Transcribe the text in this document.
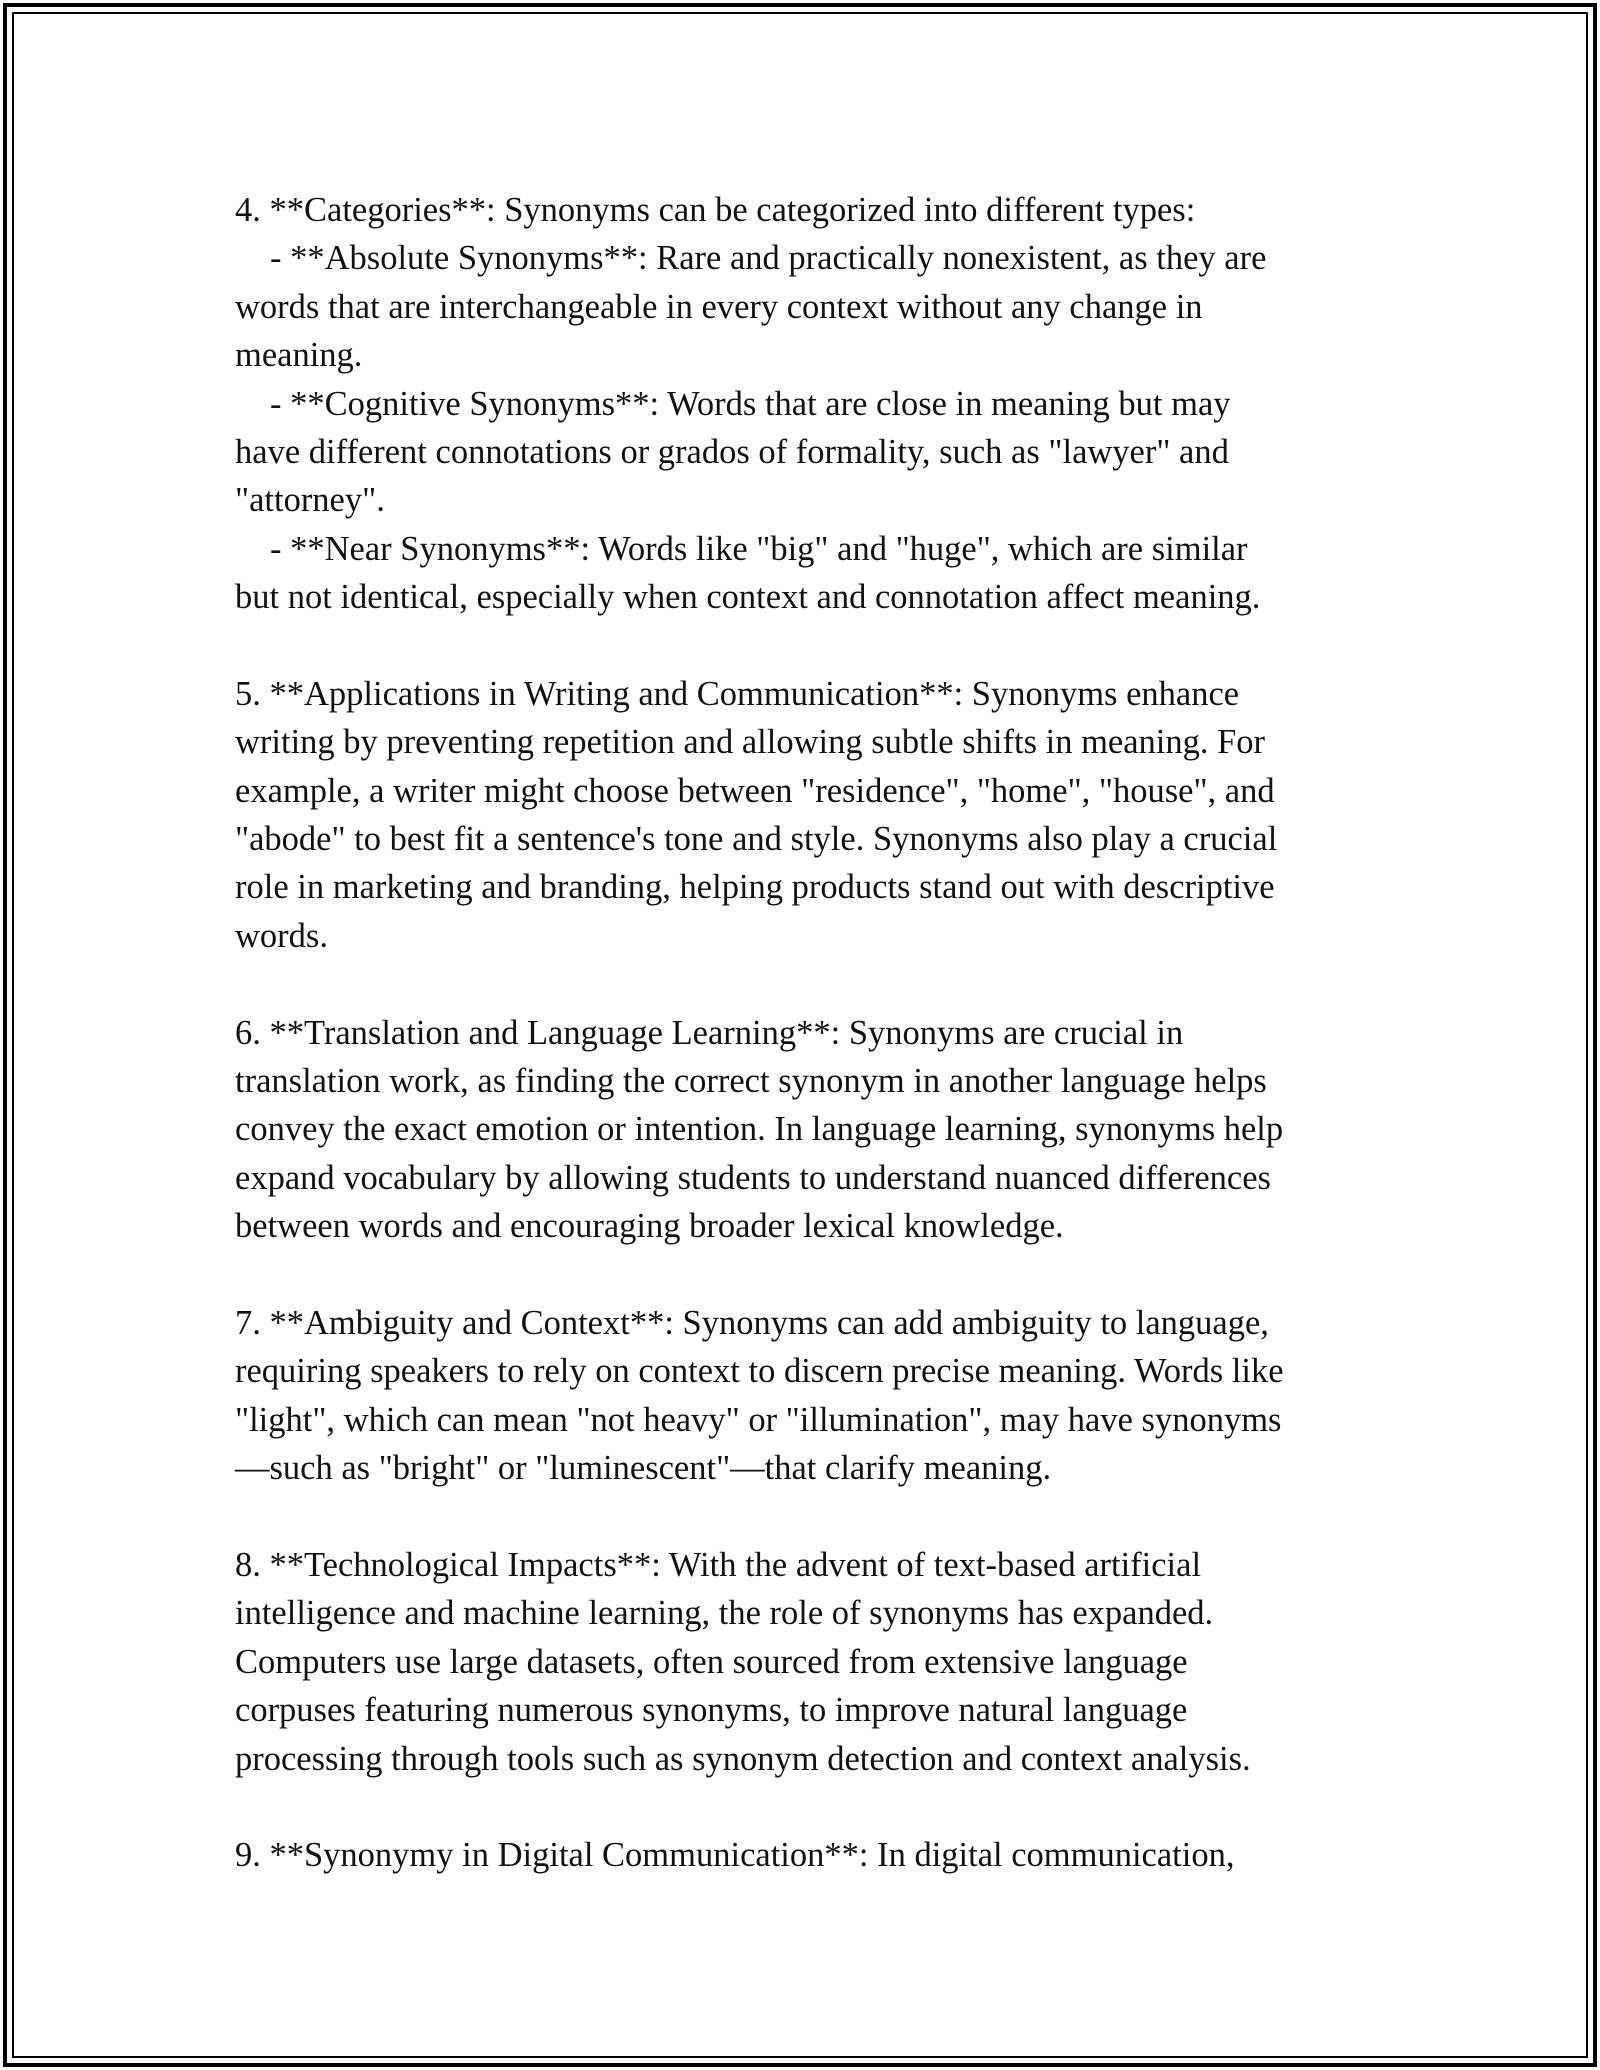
4. **Categories**: Synonyms can be categorized into different types:
- **Absolute Synonyms**: Rare and practically nonexistent, as they are
words that are interchangeable in every context without any change in
meaning.
- **Cognitive Synonyms**: Words that are close in meaning but may
have different connotations or grados of formality, such as "lawyer" and
"attorney".
- **Near Synonyms**: Words like "big" and "huge", which are similar
but not identical, especially when context and connotation affect meaning.
5. **Applications in Writing and Communication**: Synonyms enhance
writing by preventing repetition and allowing subtle shifts in meaning. For
example, a writer might choose between "residence", "home", "house", and
"abode" to best fit a sentence's tone and style. Synonyms also play a crucial
role in marketing and branding, helping products stand out with descriptive
words.
6. **Translation and Language Learning**: Synonyms are crucial in
translation work, as finding the correct synonym in another language helps
convey the exact emotion or intention. In language learning, synonyms help
expand vocabulary by allowing students to understand nuanced differences
between words and encouraging broader lexical knowledge.
7. **Ambiguity and Context**: Synonyms can add ambiguity to language,
requiring speakers to rely on context to discern precise meaning. Words like
"light", which can mean "not heavy" or "illumination", may have synonyms
—such as "bright" or "luminescent"—that clarify meaning.
8. **Technological Impacts**: With the advent of text-based artificial
intelligence and machine learning, the role of synonyms has expanded.
Computers use large datasets, often sourced from extensive language
corpuses featuring numerous synonyms, to improve natural language
processing through tools such as synonym detection and context analysis.
9. **Synonymy in Digital Communication**: In digital communication,
